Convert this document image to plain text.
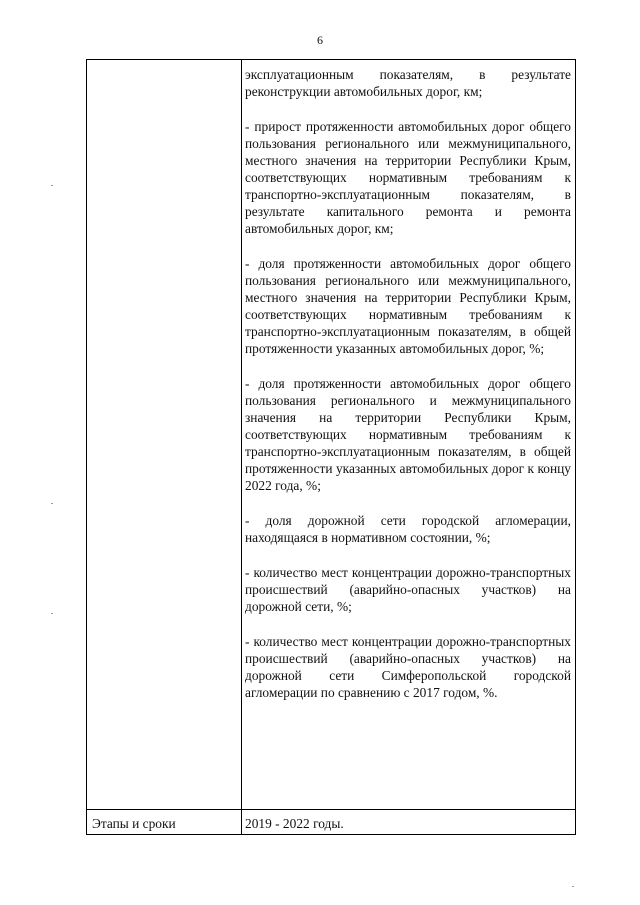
6

эксплуатационным показателям, в результате реконструкции автомобильных дорог, км;

- прирост протяженности автомобильных дорог общего пользования регионального или межмуниципального, местного значения на территории Республики Крым, соответствующих нормативным требованиям к транспортно-эксплуатационным показателям, в результате капитального ремонта и ремонта автомобильных дорог, км;

- доля протяженности автомобильных дорог общего пользования регионального или межмуниципального, местного значения на территории Республики Крым, соответствующих нормативным требованиям к транспортно-эксплуатационным показателям, в общей протяженности указанных автомобильных дорог, %;

- доля протяженности автомобильных дорог общего пользования регионального и межмуниципального значения на территории Республики Крым, соответствующих нормативным требованиям к транспортно-эксплуатационным показателям, в общей протяженности указанных автомобильных дорог к концу 2022 года, %;

- доля дорожной сети городской агломерации, находящаяся в нормативном состоянии, %;

- количество мест концентрации дорожно-транспортных происшествий (аварийно-опасных участков) на дорожной сети, %;

- количество мест концентрации дорожно-транспортных происшествий (аварийно-опасных участков) на дорожной сети Симферопольской городской агломерации по сравнению с 2017 годом, %.

Этапы и сроки	2019 - 2022 годы.
